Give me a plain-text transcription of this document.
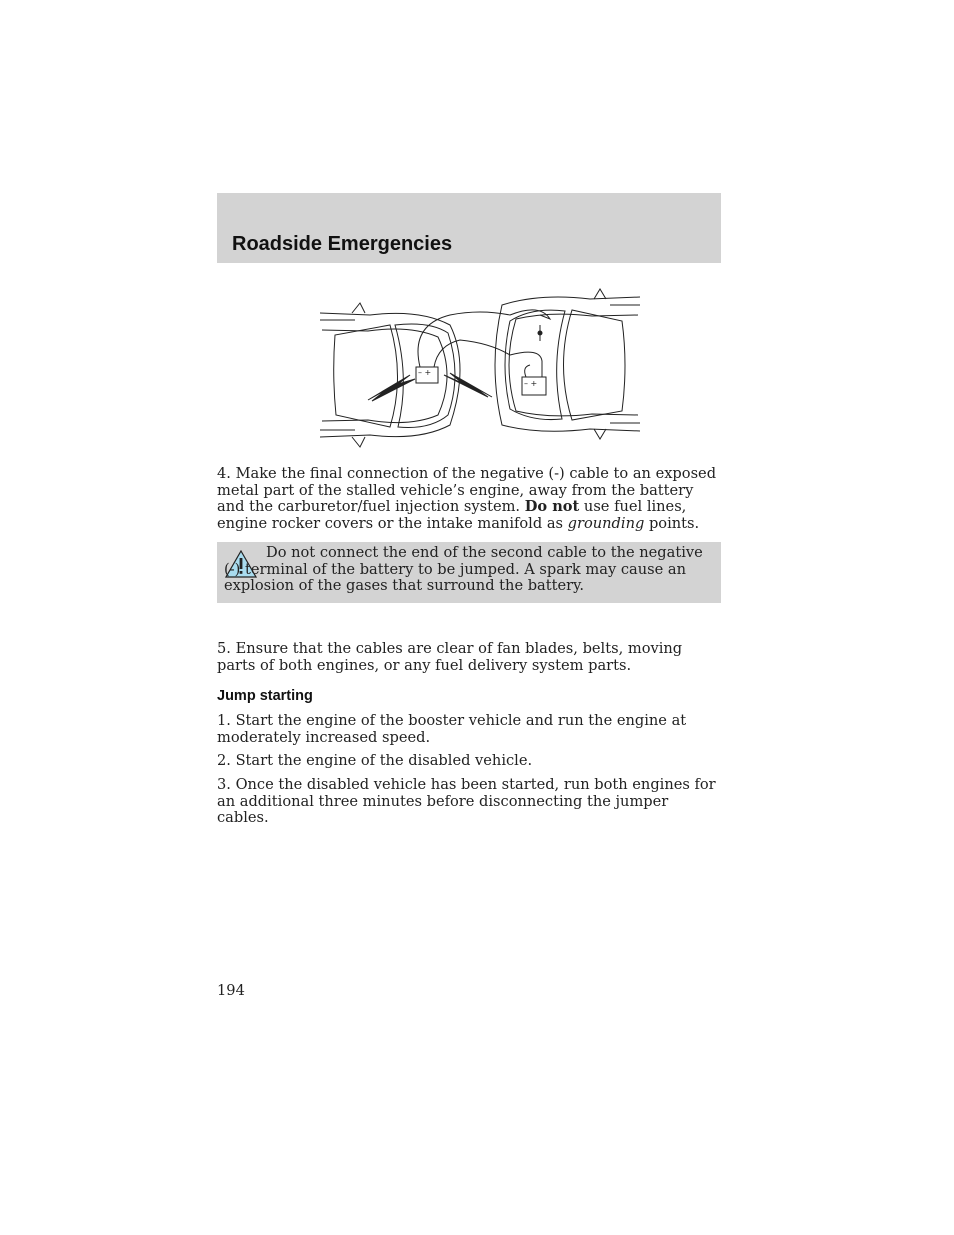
Roadside Emergencies
– +
– +

4. Make the final connection of the negative (-) cable to an exposed metal part of the stalled vehicle’s engine, away from the battery and the carburetor/fuel injection system. Do not use fuel lines, engine rocker covers or the intake manifold as grounding points.

Do not connect the end of the second cable to the negative (-) terminal of the battery to be jumped. A spark may cause an explosion of the gases that surround the battery.

5. Ensure that the cables are clear of fan blades, belts, moving parts of both engines, or any fuel delivery system parts.

Jump starting

1. Start the engine of the booster vehicle and run the engine at moderately increased speed.

2. Start the engine of the disabled vehicle.

3. Once the disabled vehicle has been started, run both engines for an additional three minutes before disconnecting the jumper cables.

194
